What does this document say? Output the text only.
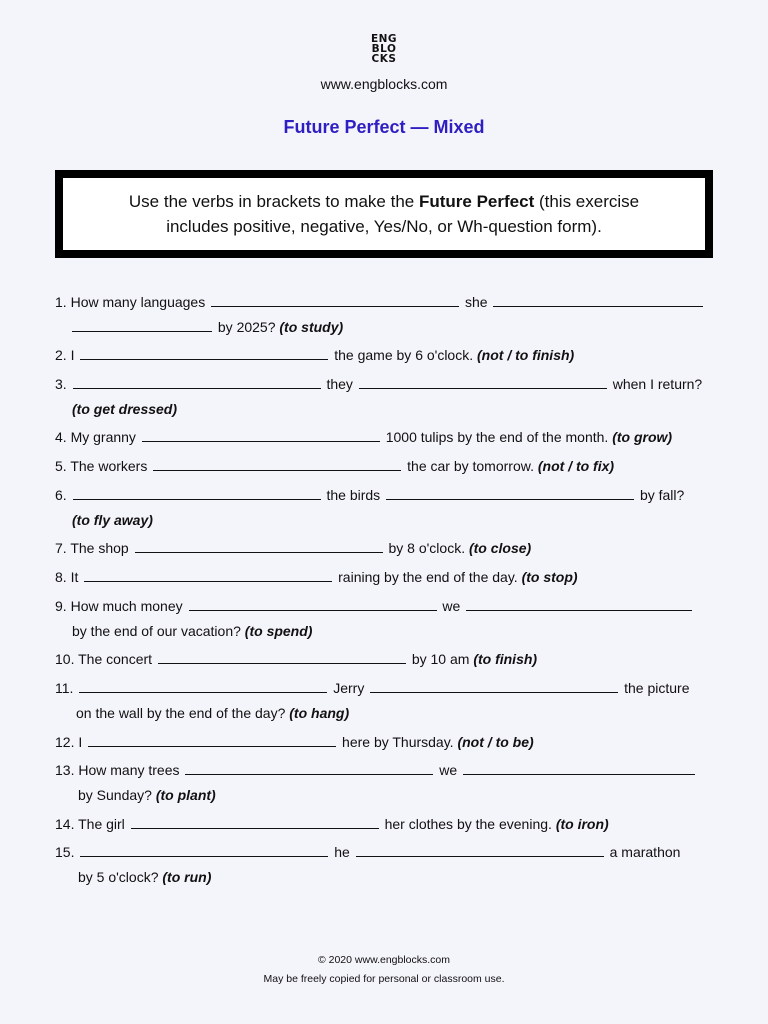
ENG
BLO
CKS
www.engblocks.com
Future Perfect — Mixed
Use the verbs in brackets to make the Future Perfect (this exercise includes positive, negative, Yes/No, or Wh-question form).
1. How many languages	she
by 2025? (to study)
2. I	the game by 6 o'clock. (not / to finish)
3.	they	when I return?
(to get dressed)
4. My granny	1000 tulips by the end of the month. (to grow)
5. The workers	the car by tomorrow. (not / to fix)
6.	the birds	by fall?
(to fly away)
7. The shop	by 8 o'clock. (to close)
8. It	raining by the end of the day. (to stop)
9. How much money	we
by the end of our vacation? (to spend)
10. The concert	by 10 am (to finish)
11.	Jerry	the picture
on the wall by the end of the day? (to hang)
12. I	here by Thursday. (not / to be)
13. How many trees	we
by Sunday? (to plant)
14. The girl	her clothes by the evening. (to iron)
15.	he	a marathon
by 5 o'clock? (to run)
© 2020 www.engblocks.com
May be freely copied for personal or classroom use.
